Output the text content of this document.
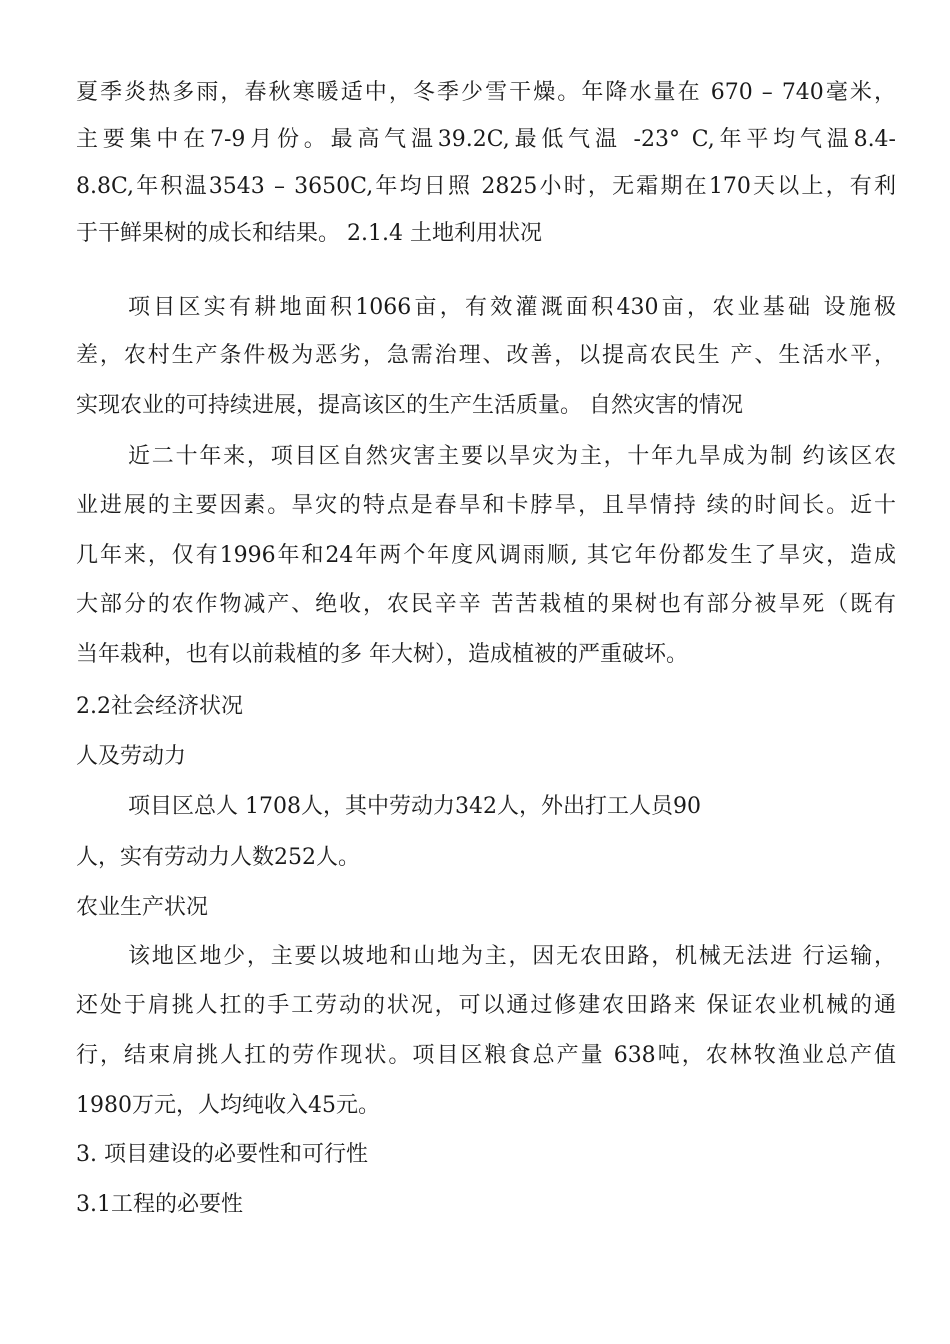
夏季炎热多雨，春秋寒暖适中，冬季少雪干燥。年降水量在 670 – 740毫米，
主要集中在7-9月份。最高气温39.2C,最低气温 -23° C,年平均气温8.4-
8.8C,年积温3543 – 3650C,年均日照 2825小时，无霜期在170天以上，有利
于干鲜果树的成长和结果。 2.1.4 土地利用状况
项目区实有耕地面积1066亩，有效灌溉面积430亩，农业基础 设施极
差，农村生产条件极为恶劣，急需治理、改善，以提高农民生 产、生活水平，
实现农业的可持续进展，提高该区的生产生活质量。 自然灾害的情况
近二十年来，项目区自然灾害主要以旱灾为主，十年九旱成为制 约该区农
业进展的主要因素。旱灾的特点是春旱和卡脖旱，且旱情持 续的时间长。近十
几年来，仅有1996年和24年两个年度风调雨顺, 其它年份都发生了旱灾，造成
大部分的农作物减产、绝收，农民辛辛 苦苦栽植的果树也有部分被旱死（既有
当年栽种，也有以前栽植的多 年大树），造成植被的严重破坏。
2.2社会经济状况
人及劳动力
项目区总人 1708人，其中劳动力342人，外出打工人员90
人，实有劳动力人数252人。
农业生产状况
该地区地少，主要以坡地和山地为主，因无农田路，机械无法进 行运输，
还处于肩挑人扛的手工劳动的状况，可以通过修建农田路来 保证农业机械的通
行，结束肩挑人扛的劳作现状。项目区粮食总产量 638吨，农林牧渔业总产值
1980万元，人均纯收入45元。
3. 项目建设的必要性和可行性
3.1工程的必要性
